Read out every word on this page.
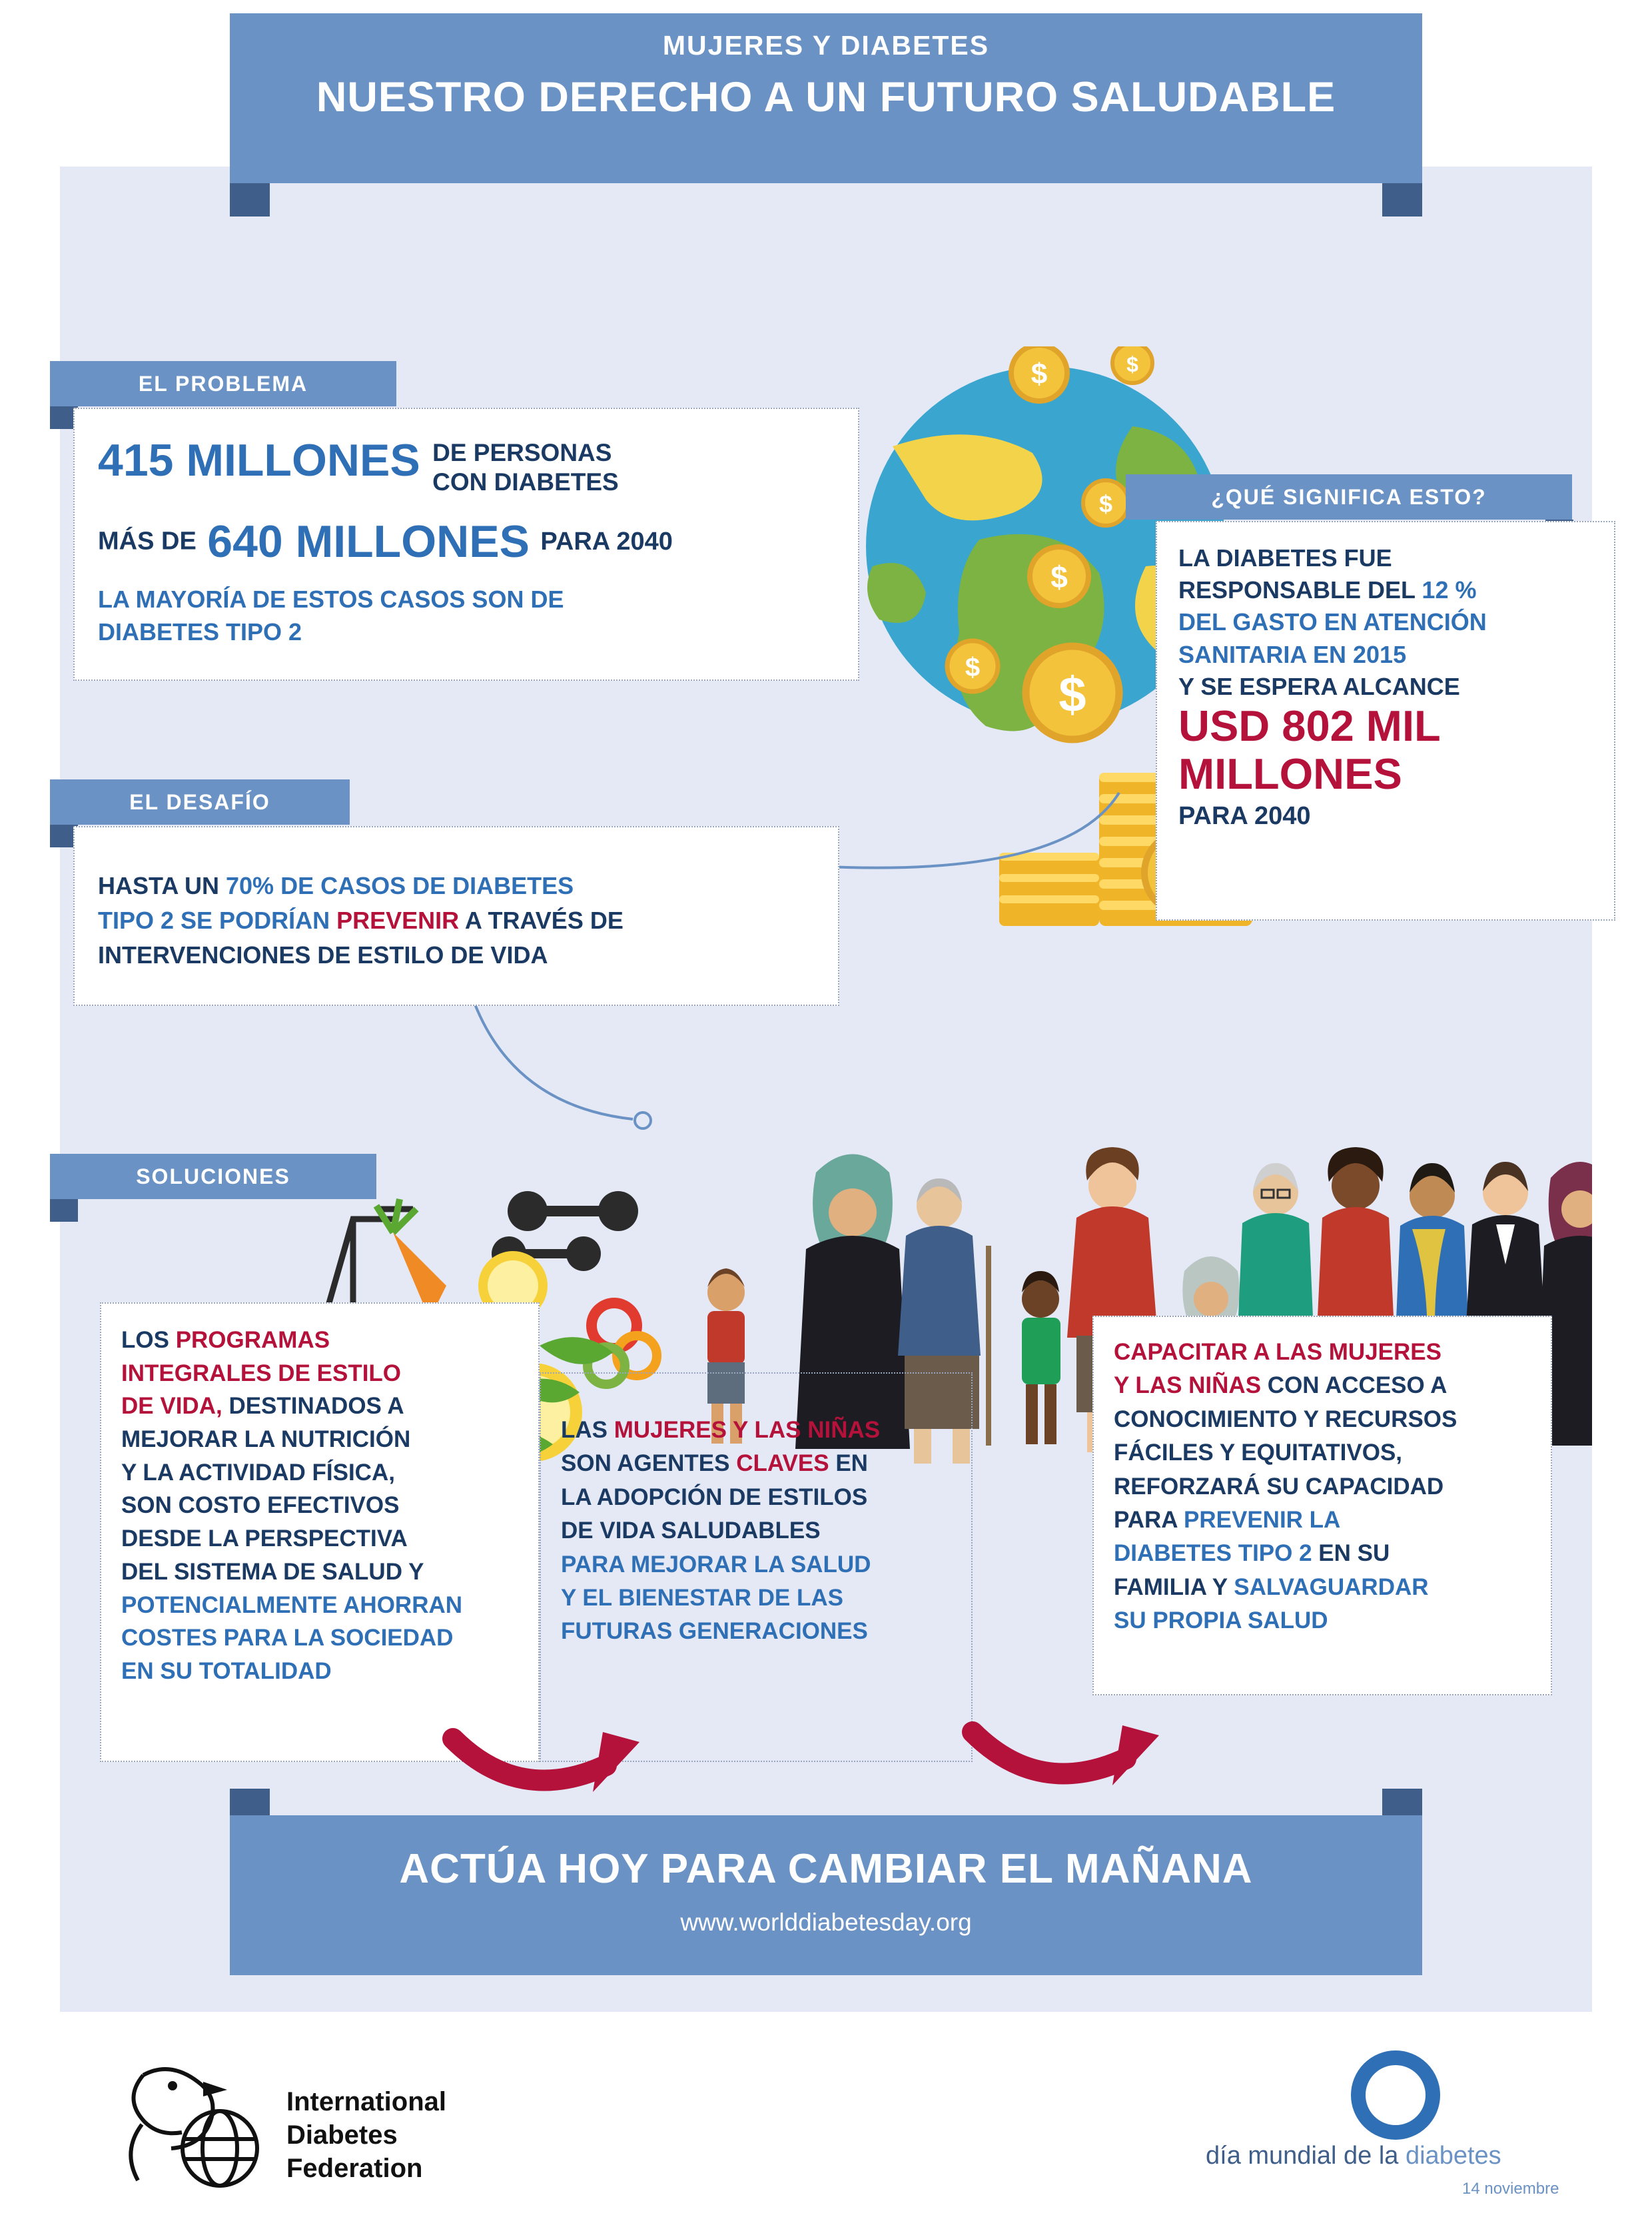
MUJERES Y DIABETES
NUESTRO DERECHO A UN FUTURO SALUDABLE
$	$
$
$
$ $
EL PROBLEMA
415 MILLONES DE PERSONAS
CON DIABETES
MÁS DE 640 MILLONES PARA 2040
LA MAYORÍA DE ESTOS CASOS SON DE
DIABETES TIPO 2
¿QUÉ SIGNIFICA ESTO?
LA DIABETES FUE
RESPONSABLE DEL 12 %
DEL GASTO EN ATENCIÓN
SANITARIA EN 2015
Y SE ESPERA ALCANCE
USD 802 MIL
MILLONES
PARA 2040
EL DESAFÍO
HASTA UN 70% DE CASOS DE DIABETES
TIPO 2 SE PODRÍAN PREVENIR A TRAVÉS DE
INTERVENCIONES DE ESTILO DE VIDA
SOLUCIONES
LOS PROGRAMAS
INTEGRALES DE ESTILO
DE VIDA, DESTINADOS A
MEJORAR LA NUTRICIÓN
Y LA ACTIVIDAD FÍSICA,
SON COSTO EFECTIVOS
DESDE LA PERSPECTIVA
DEL SISTEMA DE SALUD Y
POTENCIALMENTE AHORRAN
COSTES PARA LA SOCIEDAD
EN SU TOTALIDAD
LAS MUJERES Y LAS NIÑAS
SON AGENTES CLAVES EN
LA ADOPCIÓN DE ESTILOS
DE VIDA SALUDABLES
PARA MEJORAR LA SALUD
Y EL BIENESTAR DE LAS
FUTURAS GENERACIONES
CAPACITAR A LAS MUJERES
Y LAS NIÑAS CON ACCESO A
CONOCIMIENTO Y RECURSOS
FÁCILES Y EQUITATIVOS,
REFORZARÁ SU CAPACIDAD
PARA PREVENIR LA
DIABETES TIPO 2 EN SU
FAMILIA Y SALVAGUARDAR
SU PROPIA SALUD
ACTÚA HOY PARA CAMBIAR EL MAÑANA
www.worlddiabetesday.org
International
Diabetes
Federation	día mundial de la diabetes
14 noviembre
